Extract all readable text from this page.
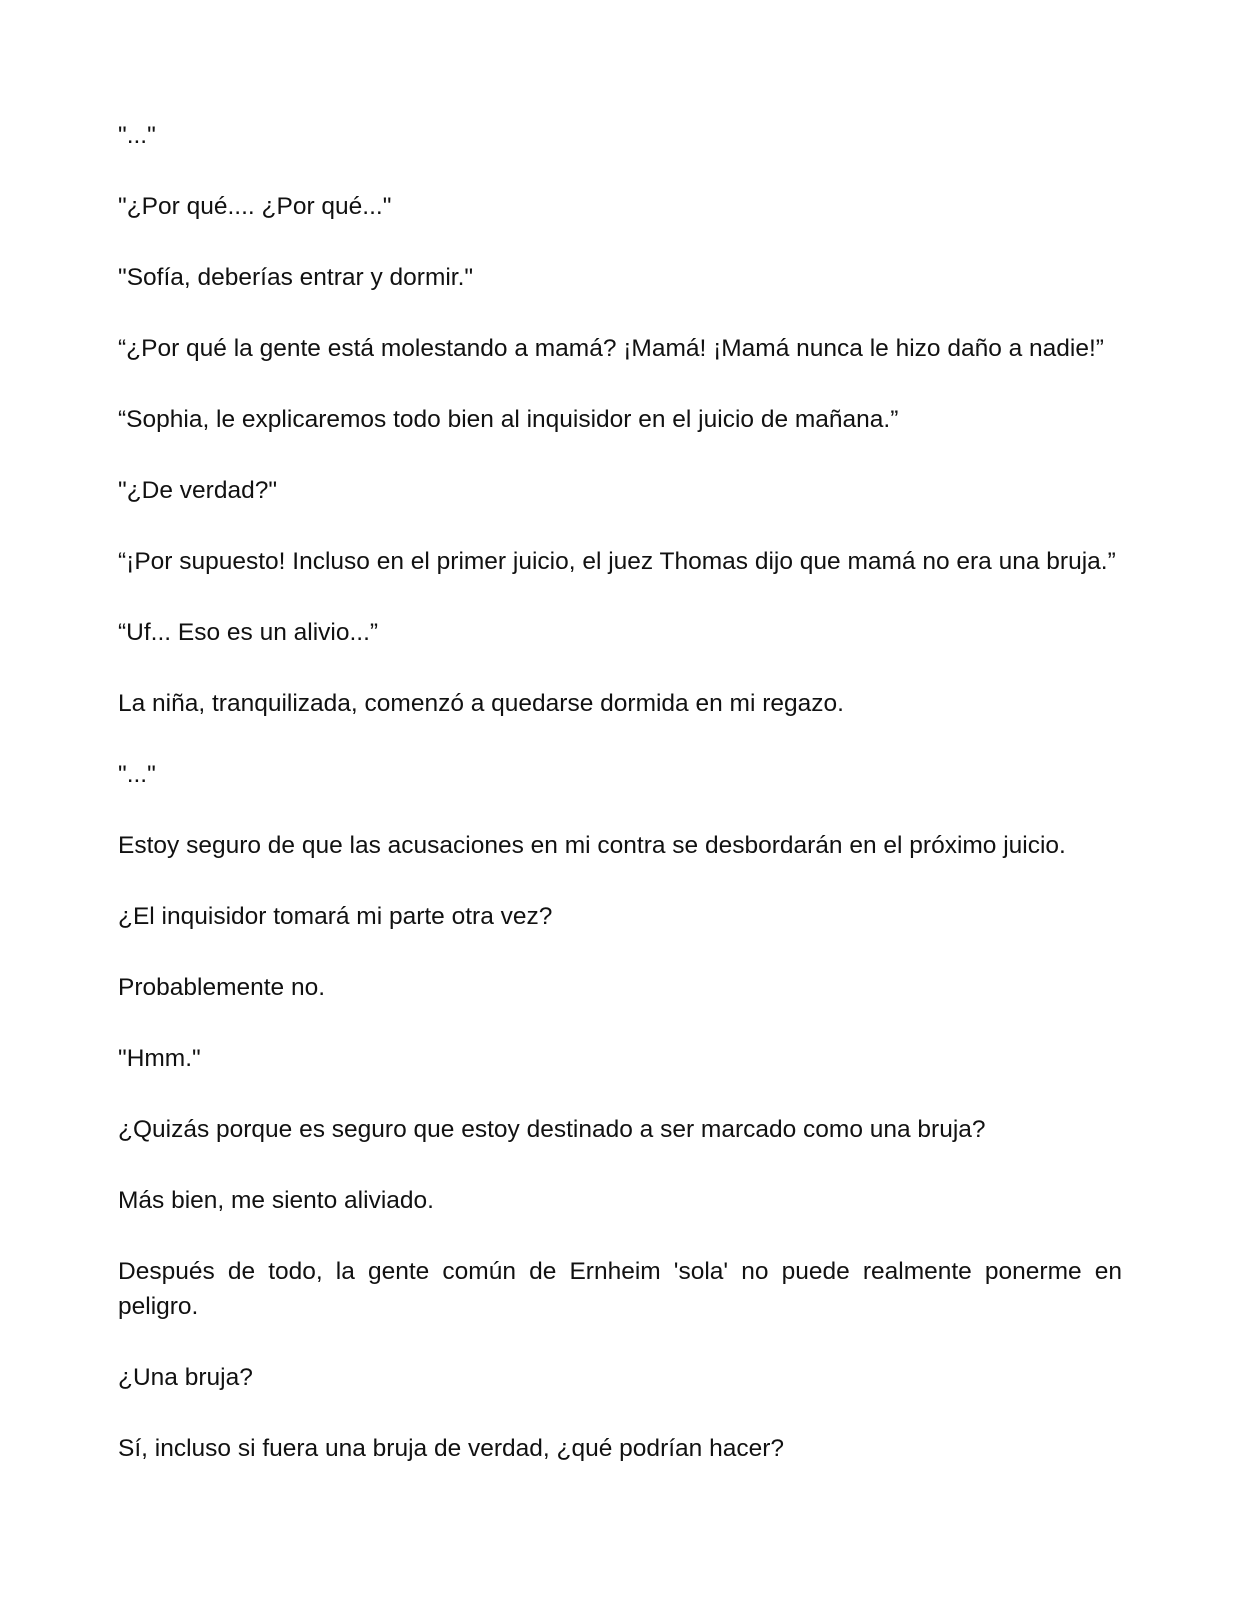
"..."

"¿Por qué.... ¿Por qué..."

"Sofía, deberías entrar y dormir."

“¿Por qué la gente está molestando a mamá? ¡Mamá! ¡Mamá nunca le hizo daño a nadie!”

“Sophia, le explicaremos todo bien al inquisidor en el juicio de mañana.”

"¿De verdad?"

“¡Por supuesto! Incluso en el primer juicio, el juez Thomas dijo que mamá no era una bruja.”

“Uf... Eso es un alivio...”

La niña, tranquilizada, comenzó a quedarse dormida en mi regazo.

"..."

Estoy seguro de que las acusaciones en mi contra se desbordarán en el próximo juicio.

¿El inquisidor tomará mi parte otra vez?

Probablemente no.

"Hmm."

¿Quizás porque es seguro que estoy destinado a ser marcado como una bruja?

Más bien, me siento aliviado.

Después de todo, la gente común de Ernheim 'sola' no puede realmente ponerme en peligro.

¿Una bruja?

Sí, incluso si fuera una bruja de verdad, ¿qué podrían hacer?
